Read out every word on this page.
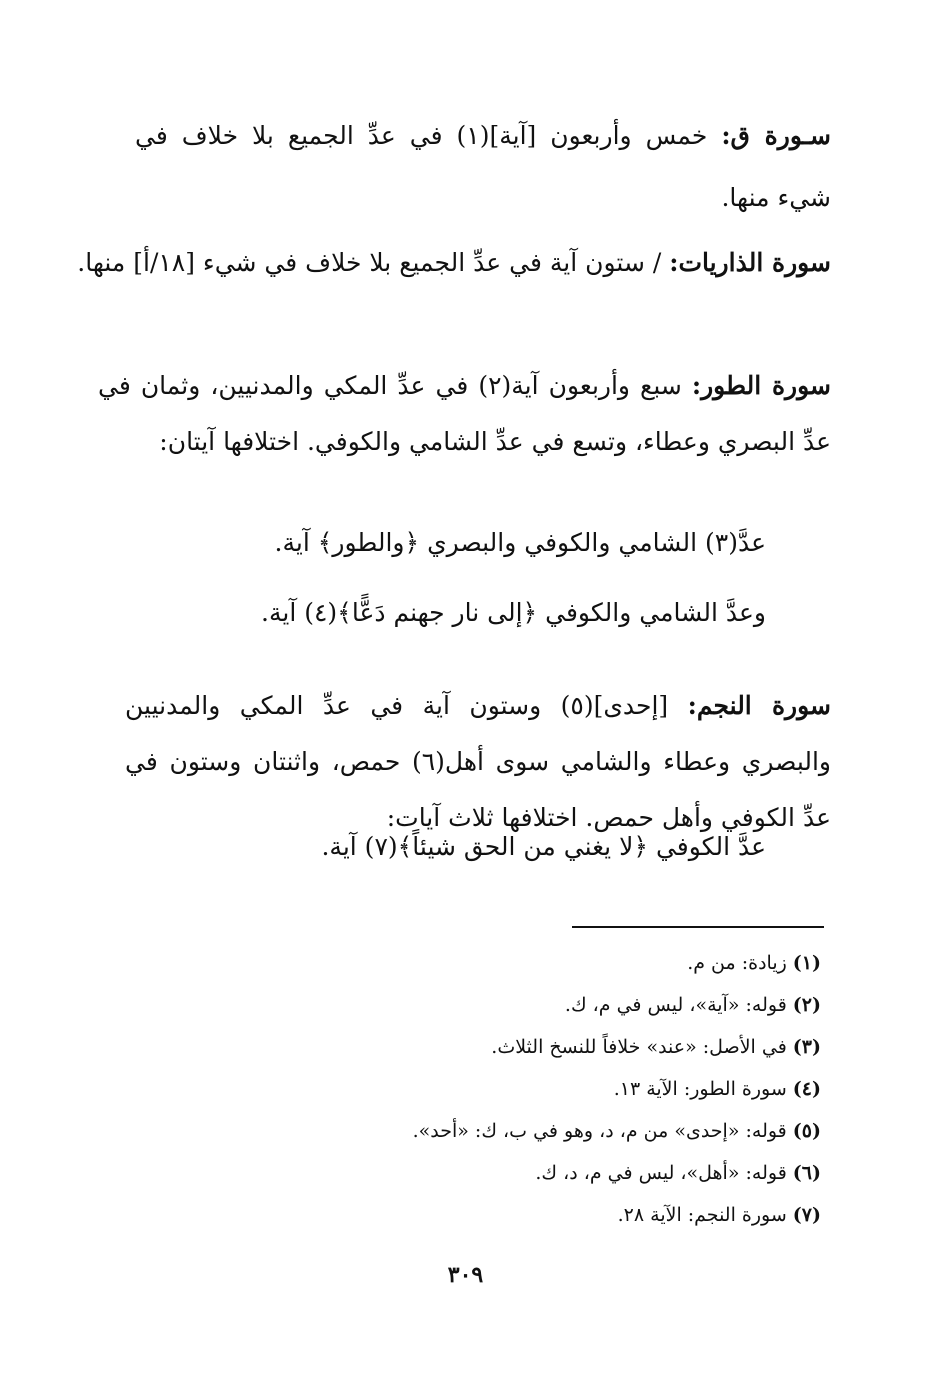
سـورة ق: خمس وأربعون [آية](١) في عدِّ الجميع بلا خلاف في شيء منها.

سورة الذاريات: / ستون آية في عدِّ الجميع بلا خلاف في شيء [١٨/أ] منها.

سورة الطور: سبع وأربعون آية(٢) في عدِّ المكي والمدنيين، وثمان في عدِّ البصري وعطاء، وتسع في عدِّ الشامي والكوفي. اختلافها آيتان:

عدَّ(٣) الشامي والكوفي والبصري ﴿والطور﴾ آية.
وعدَّ الشامي والكوفي ﴿إلى نار جهنم دَعًّا﴾(٤) آية.

سورة النجم: [إحدى](٥) وستون آية في عدِّ المكي والمدنيين والبصري وعطاء والشامي سوى أهل(٦) حمص، واثنتان وستون في عدِّ الكوفي وأهل حمص. اختلافها ثلاث آيات:

عدَّ الكوفي ﴿لا يغني من الحق شيئاً﴾(٧) آية.
(١)زيادة: من م.
(٢)قوله: «آية»، ليس في م، ك.
(٣)في الأصل: «عند» خلافاً للنسخ الثلاث.
(٤)سورة الطور: الآية ١٣.
(٥)قوله: «إحدى» من م، د، وهو في ب، ك: «أحد».
(٦)قوله: «أهل»، ليس في م، د، ك.
(٧)سورة النجم: الآية ٢٨.
٣٠٩
